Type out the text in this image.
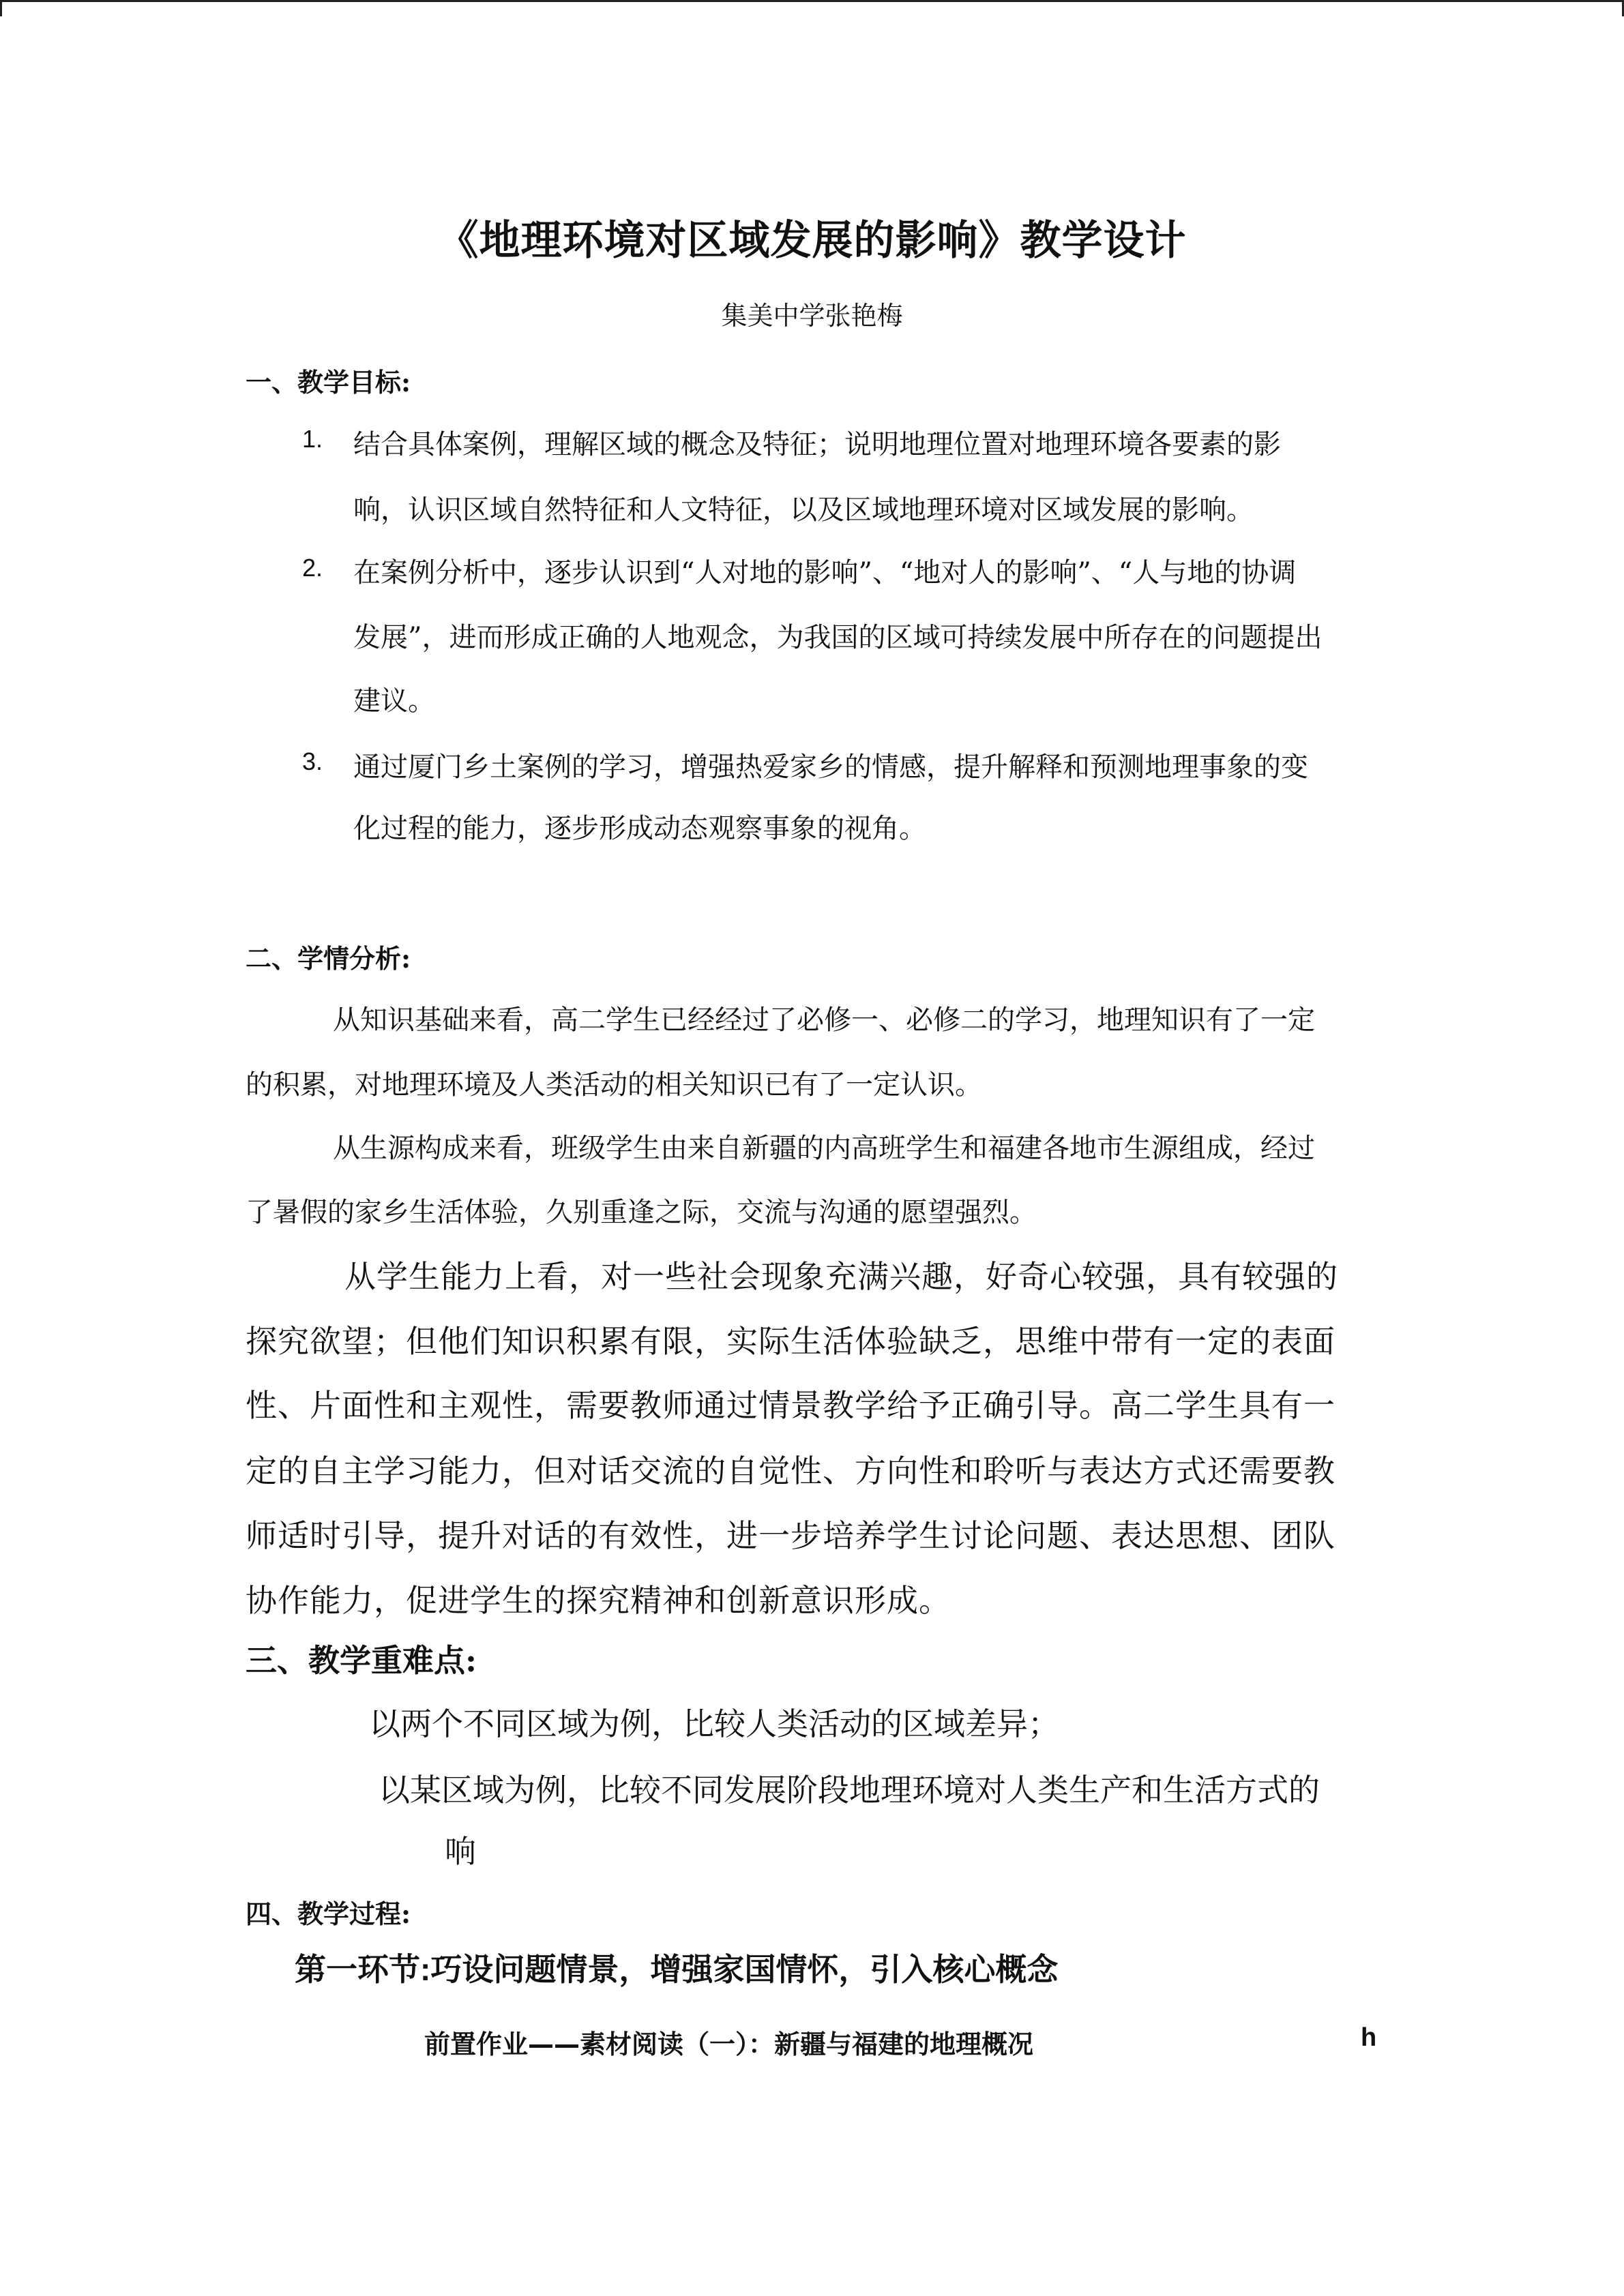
《地理环境对区域发展的影响》教学设计
集美中学张艳梅
一、教学目标:
1. 结合具体案例，理解区域的概念及特征；说明地理位置对地理环境各要素的影
响，认识区域自然特征和人文特征，以及区域地理环境对区域发展的影响。
2. 在案例分析中，逐步认识到“人对地的影响”、“地对人的影响”、“人与地的协调
发展”，进而形成正确的人地观念，为我国的区域可持续发展中所存在的问题提出
建议。
3. 通过厦门乡土案例的学习，增强热爱家乡的情感，提升解释和预测地理事象的变
化过程的能力，逐步形成动态观察事象的视角。
二、学情分析:
从知识基础来看，高二学生已经经过了必修一、必修二的学习，地理知识有了一定
的积累，对地理环境及人类活动的相关知识已有了一定认识。
从生源构成来看，班级学生由来自新疆的内高班学生和福建各地市生源组成，经过
了暑假的家乡生活体验，久别重逢之际，交流与沟通的愿望强烈。
从学生能力上看，对一些社会现象充满兴趣，好奇心较强，具有较强的
探究欲望；但他们知识积累有限，实际生活体验缺乏，思维中带有一定的表面
性、片面性和主观性，需要教师通过情景教学给予正确引导。高二学生具有一
定的自主学习能力，但对话交流的自觉性、方向性和聆听与表达方式还需要教
师适时引导，提升对话的有效性，进一步培养学生讨论问题、表达思想、团队
协作能力，促进学生的探究精神和创新意识形成。
三、教学重难点:
以两个不同区域为例，比较人类活动的区域差异；
以某区域为例，比较不同发展阶段地理环境对人类生产和生活方式的
响
四、教学过程:
第一环节:巧设问题情景，增强家国情怀，引入核心概念
前置作业——素材阅读（一）：新疆与福建的地理概况	h
